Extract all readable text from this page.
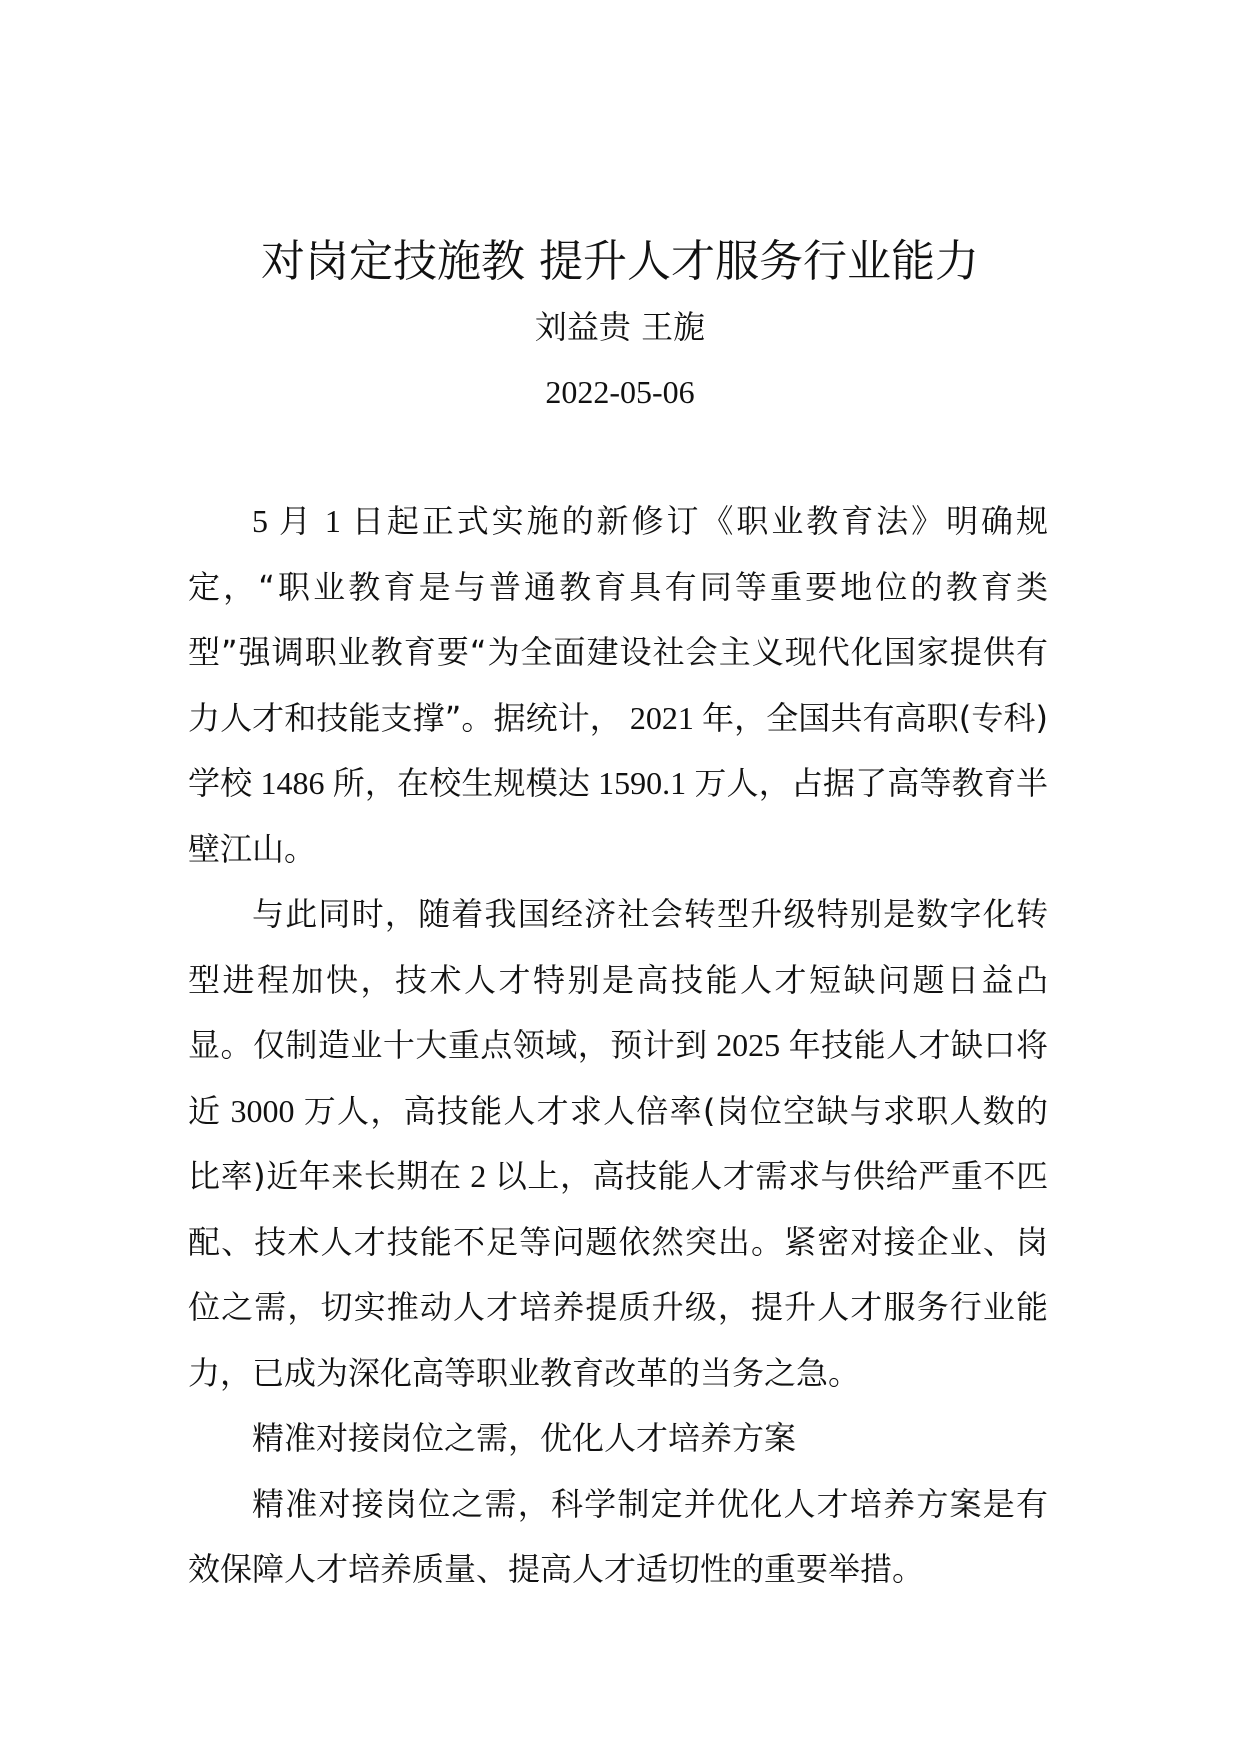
对岗定技施教 提升人才服务行业能力
刘益贵 王旎
2022-05-06

5 月 1 日起正式实施的新修订《职业教育法》明确规定，“职业教育是与普通教育具有同等重要地位的教育类型”强调职业教育要“为全面建设社会主义现代化国家提供有力人才和技能支撑”。据统计， 2021 年，全国共有高职(专科)学校 1486 所，在校生规模达 1590.1 万人，占据了高等教育半壁江山。

与此同时，随着我国经济社会转型升级特别是数字化转型进程加快，技术人才特别是高技能人才短缺问题日益凸显。仅制造业十大重点领域，预计到 2025 年技能人才缺口将近 3000 万人，高技能人才求人倍率(岗位空缺与求职人数的比率)近年来长期在 2 以上，高技能人才需求与供给严重不匹配、技术人才技能不足等问题依然突出。紧密对接企业、岗位之需，切实推动人才培养提质升级，提升人才服务行业能力，已成为深化高等职业教育改革的当务之急。

精准对接岗位之需，优化人才培养方案

精准对接岗位之需，科学制定并优化人才培养方案是有效保障人才培养质量、提高人才适切性的重要举措。
